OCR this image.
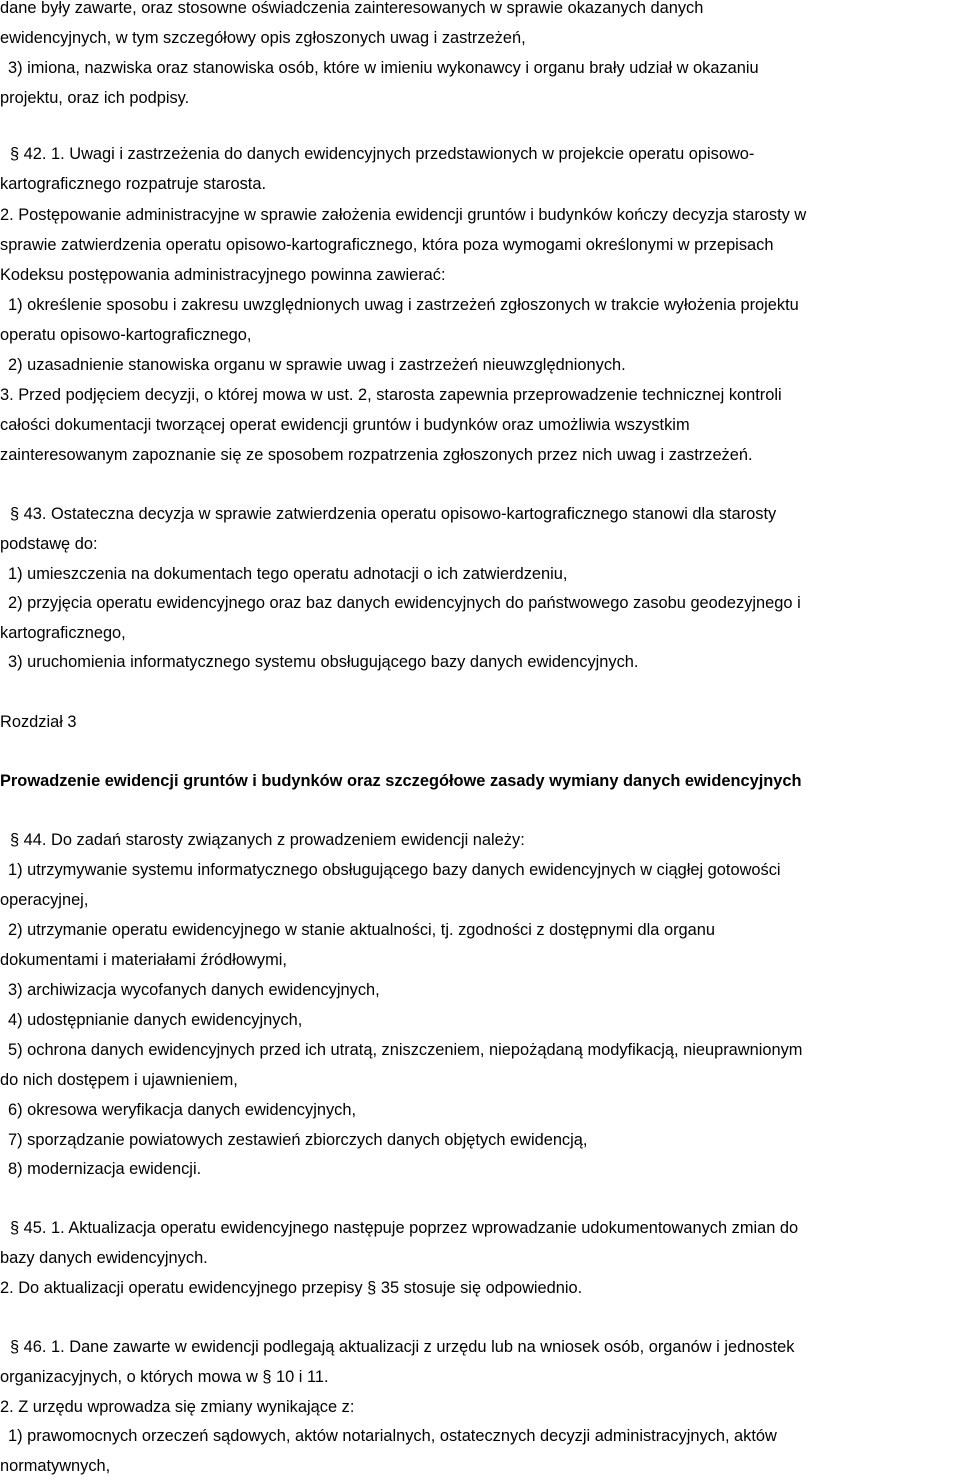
dane były zawarte, oraz stosowne oświadczenia zainteresowanych w sprawie okazanych danych

ewidencyjnych, w tym szczegółowy opis zgłoszonych uwag i zastrzeżeń,

3) imiona, nazwiska oraz stanowiska osób, które w imieniu wykonawcy i organu brały udział w okazaniu

projektu, oraz ich podpisy.

§ 42. 1. Uwagi i zastrzeżenia do danych ewidencyjnych przedstawionych w projekcie operatu opisowo-

kartograficznego rozpatruje starosta.

2. Postępowanie administracyjne w sprawie założenia ewidencji gruntów i budynków kończy decyzja starosty w

sprawie zatwierdzenia operatu opisowo-kartograficznego, która poza wymogami określonymi w przepisach

Kodeksu postępowania administracyjnego powinna zawierać:

1) określenie sposobu i zakresu uwzględnionych uwag i zastrzeżeń zgłoszonych w trakcie wyłożenia projektu

operatu opisowo-kartograficznego,

2) uzasadnienie stanowiska organu w sprawie uwag i zastrzeżeń nieuwzględnionych.

3. Przed podjęciem decyzji, o której mowa w ust. 2, starosta zapewnia przeprowadzenie technicznej kontroli

całości dokumentacji tworzącej operat ewidencji gruntów i budynków oraz umożliwia wszystkim

zainteresowanym zapoznanie się ze sposobem rozpatrzenia zgłoszonych przez nich uwag i zastrzeżeń.

§ 43. Ostateczna decyzja w sprawie zatwierdzenia operatu opisowo-kartograficznego stanowi dla starosty

podstawę do:

1) umieszczenia na dokumentach tego operatu adnotacji o ich zatwierdzeniu,

2) przyjęcia operatu ewidencyjnego oraz baz danych ewidencyjnych do państwowego zasobu geodezyjnego i

kartograficznego,

3) uruchomienia informatycznego systemu obsługującego bazy danych ewidencyjnych.

Rozdział 3

Prowadzenie ewidencji gruntów i budynków oraz szczegółowe zasady wymiany danych ewidencyjnych

§ 44. Do zadań starosty związanych z prowadzeniem ewidencji należy:

1) utrzymywanie systemu informatycznego obsługującego bazy danych ewidencyjnych w ciągłej gotowości

operacyjnej,

2) utrzymanie operatu ewidencyjnego w stanie aktualności, tj. zgodności z dostępnymi dla organu

dokumentami i materiałami źródłowymi,

3) archiwizacja wycofanych danych ewidencyjnych,

4) udostępnianie danych ewidencyjnych,

5) ochrona danych ewidencyjnych przed ich utratą, zniszczeniem, niepożądaną modyfikacją, nieuprawnionym

do nich dostępem i ujawnieniem,

6) okresowa weryfikacja danych ewidencyjnych,

7) sporządzanie powiatowych zestawień zbiorczych danych objętych ewidencją,

8) modernizacja ewidencji.

§ 45. 1. Aktualizacja operatu ewidencyjnego następuje poprzez wprowadzanie udokumentowanych zmian do

bazy danych ewidencyjnych.

2. Do aktualizacji operatu ewidencyjnego przepisy § 35 stosuje się odpowiednio.

§ 46. 1. Dane zawarte w ewidencji podlegają aktualizacji z urzędu lub na wniosek osób, organów i jednostek

organizacyjnych, o których mowa w § 10 i 11.

2. Z urzędu wprowadza się zmiany wynikające z:

1) prawomocnych orzeczeń sądowych, aktów notarialnych, ostatecznych decyzji administracyjnych, aktów

normatywnych,
